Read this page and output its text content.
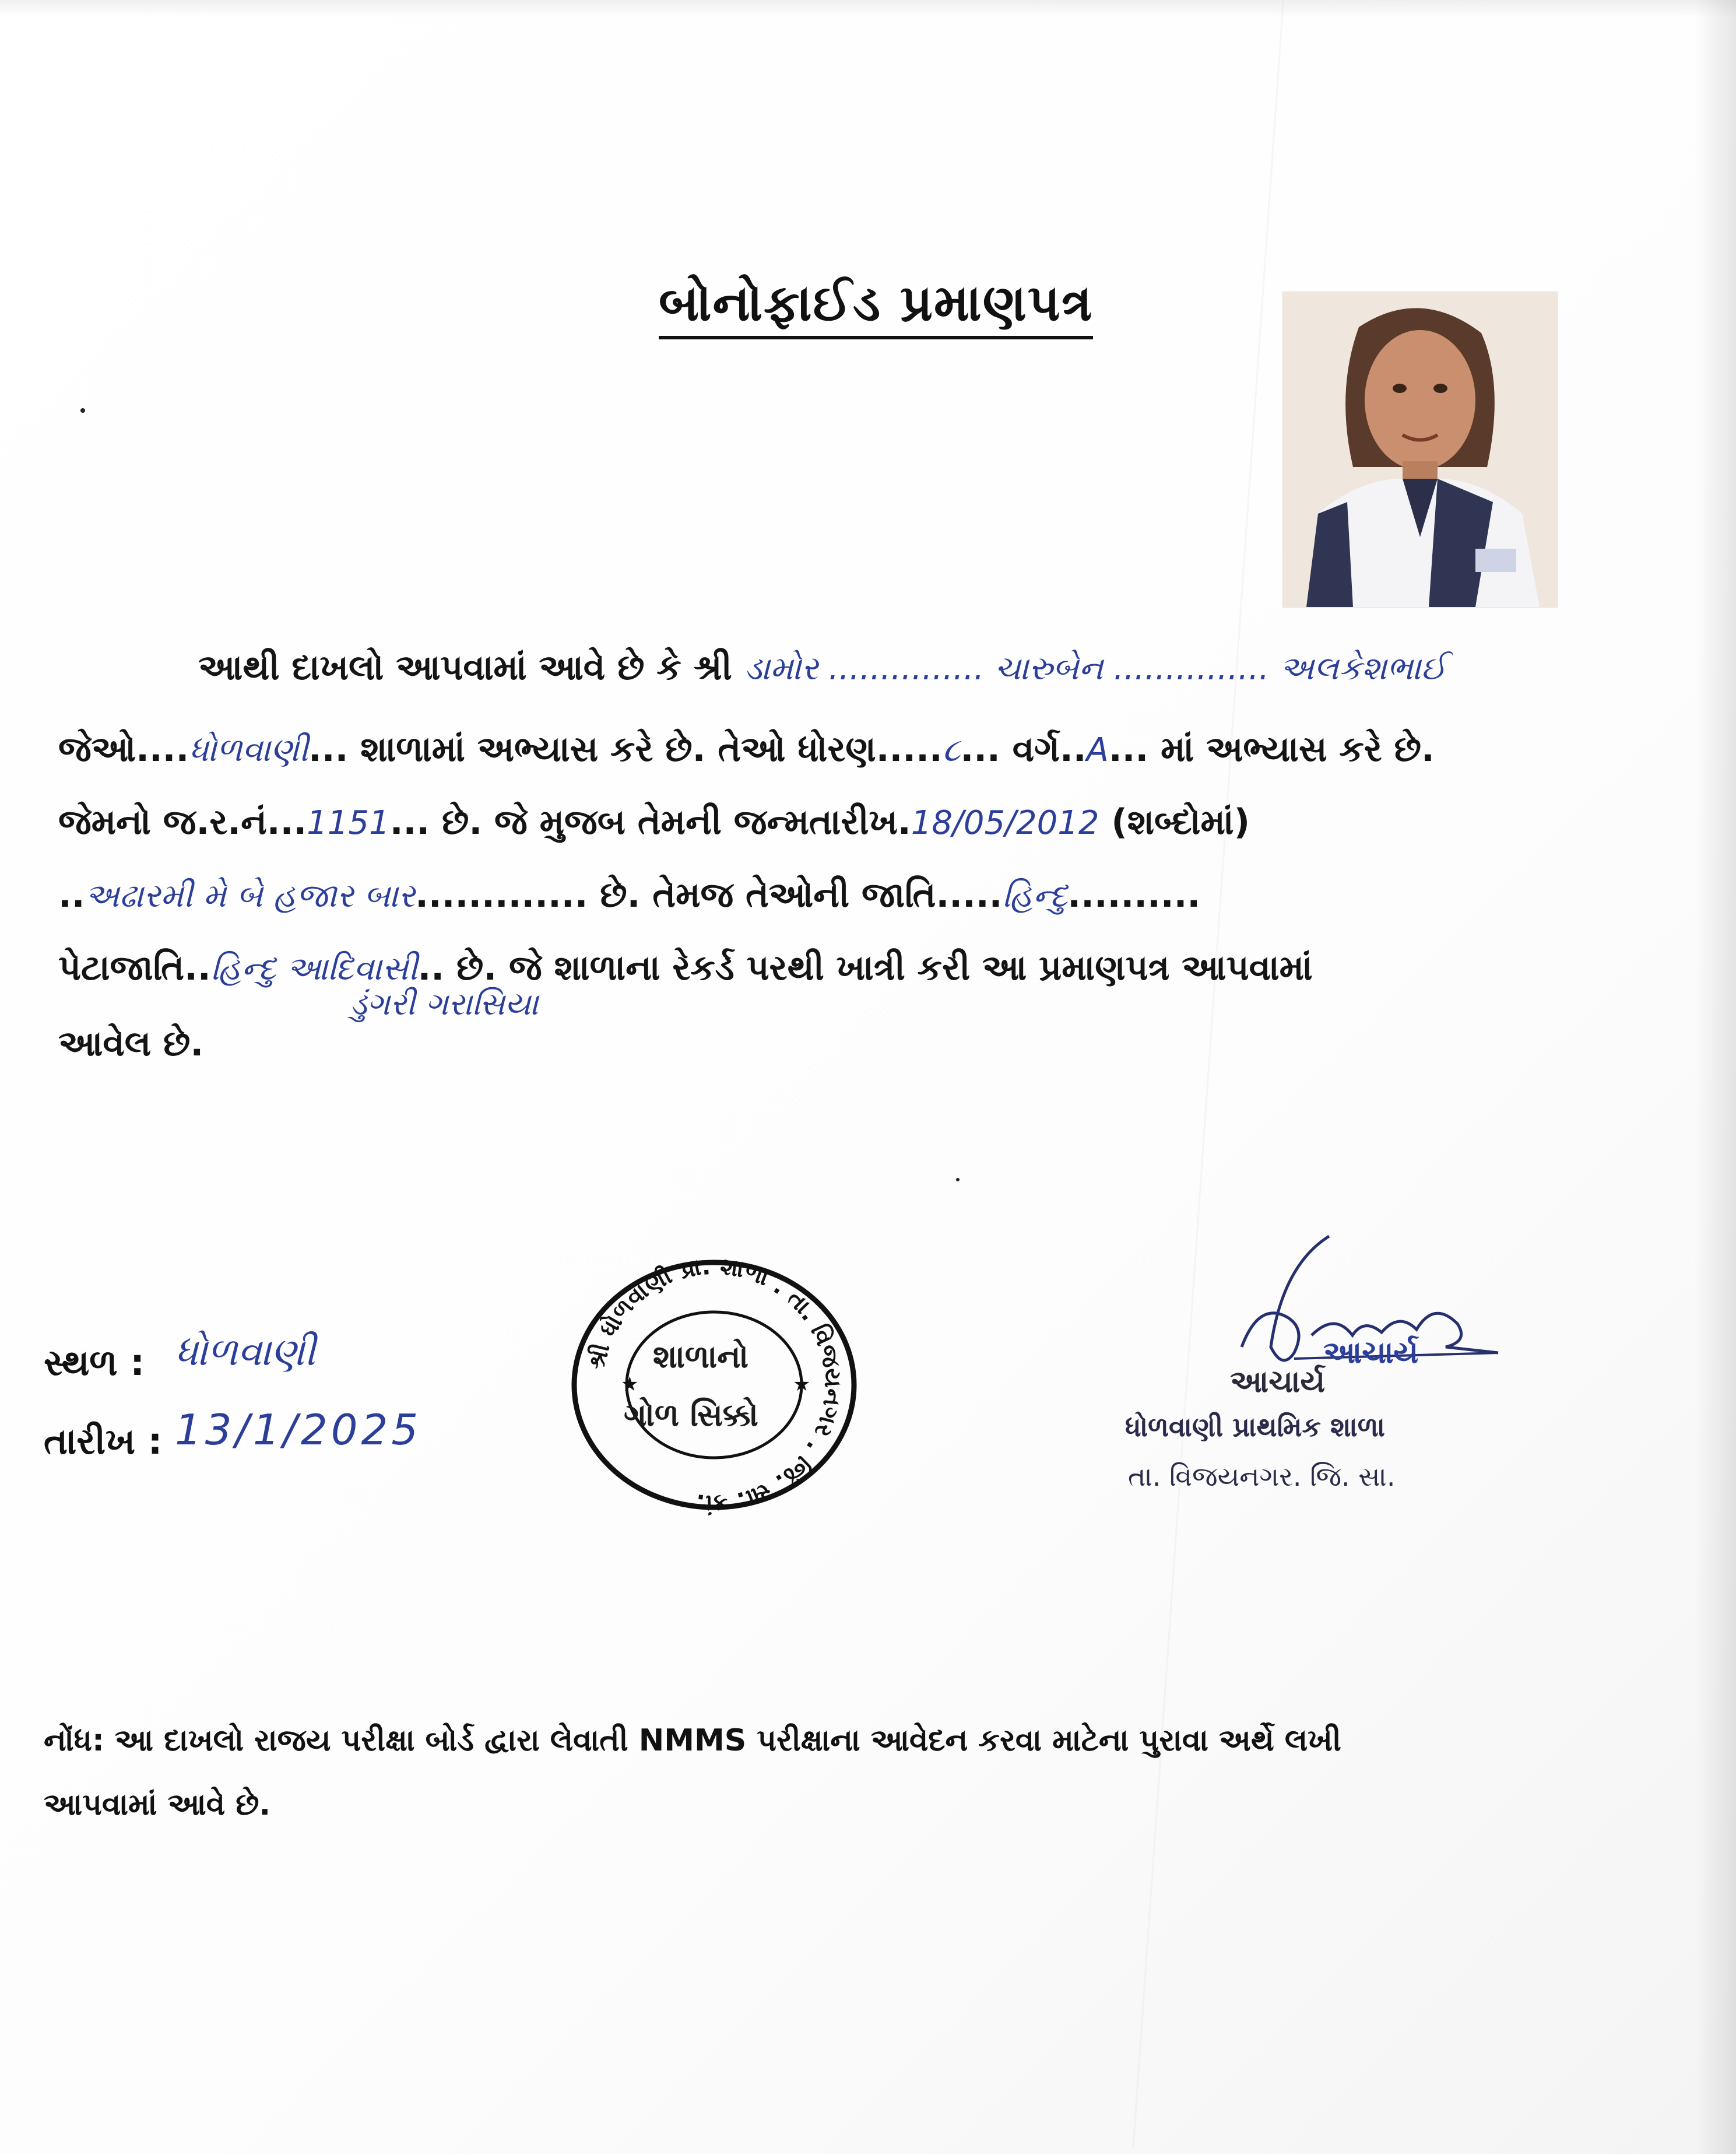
બોનોફાઈડ પ્રમાણપત્ર
આથી દાખલો આપવામાં આવે છે કે શ્રી ડામોર ............... ચારુબેન ............... અલકેશભાઈ
જેઓ....ધોળવાણી... શાળામાં અભ્યાસ કરે છે. તેઓ ધોરણ.....૮... વર્ગ..A... માં અભ્યાસ કરે છે.
જેમનો જ.ર.નં...1151... છે. જે મુજબ તેમની જન્મતારીખ.18/05/2012 (શબ્દોમાં)
..અઢારમી મે બે હજાર બાર............. છે. તેમજ તેઓની જાતિ.....હિન્દુ..........
પેટાજાતિ..હિન્દુ આદિવાસી.. છે. જે શાળાના રેકર્ડ પરથી ખાત્રી કરી આ પ્રમાણપત્ર આપવામાં
ડુંગરી ગરાસિયા
આવેલ છે.
સ્થળ : ધોળવાણી
તારીખ : 13/1/2025
શ્રી ધોળવાણી પ્રા. શાળા . તા. વિજયનગર . જિ. સા. કાં.
★	★
શાળાનો
ગોળ સિક્કો
આચાર્ય
આચાર્ય
ધોળવાણી પ્રાથમિક શાળા
તા. વિજયનગર. જિ. સા.
નોંધ: આ દાખલો રાજય પરીક્ષા બોર્ડ દ્વારા લેવાતી NMMS પરીક્ષાના આવેદન કરવા માટેના પુરાવા અર્થે લખી
આપવામાં આવે છે.
